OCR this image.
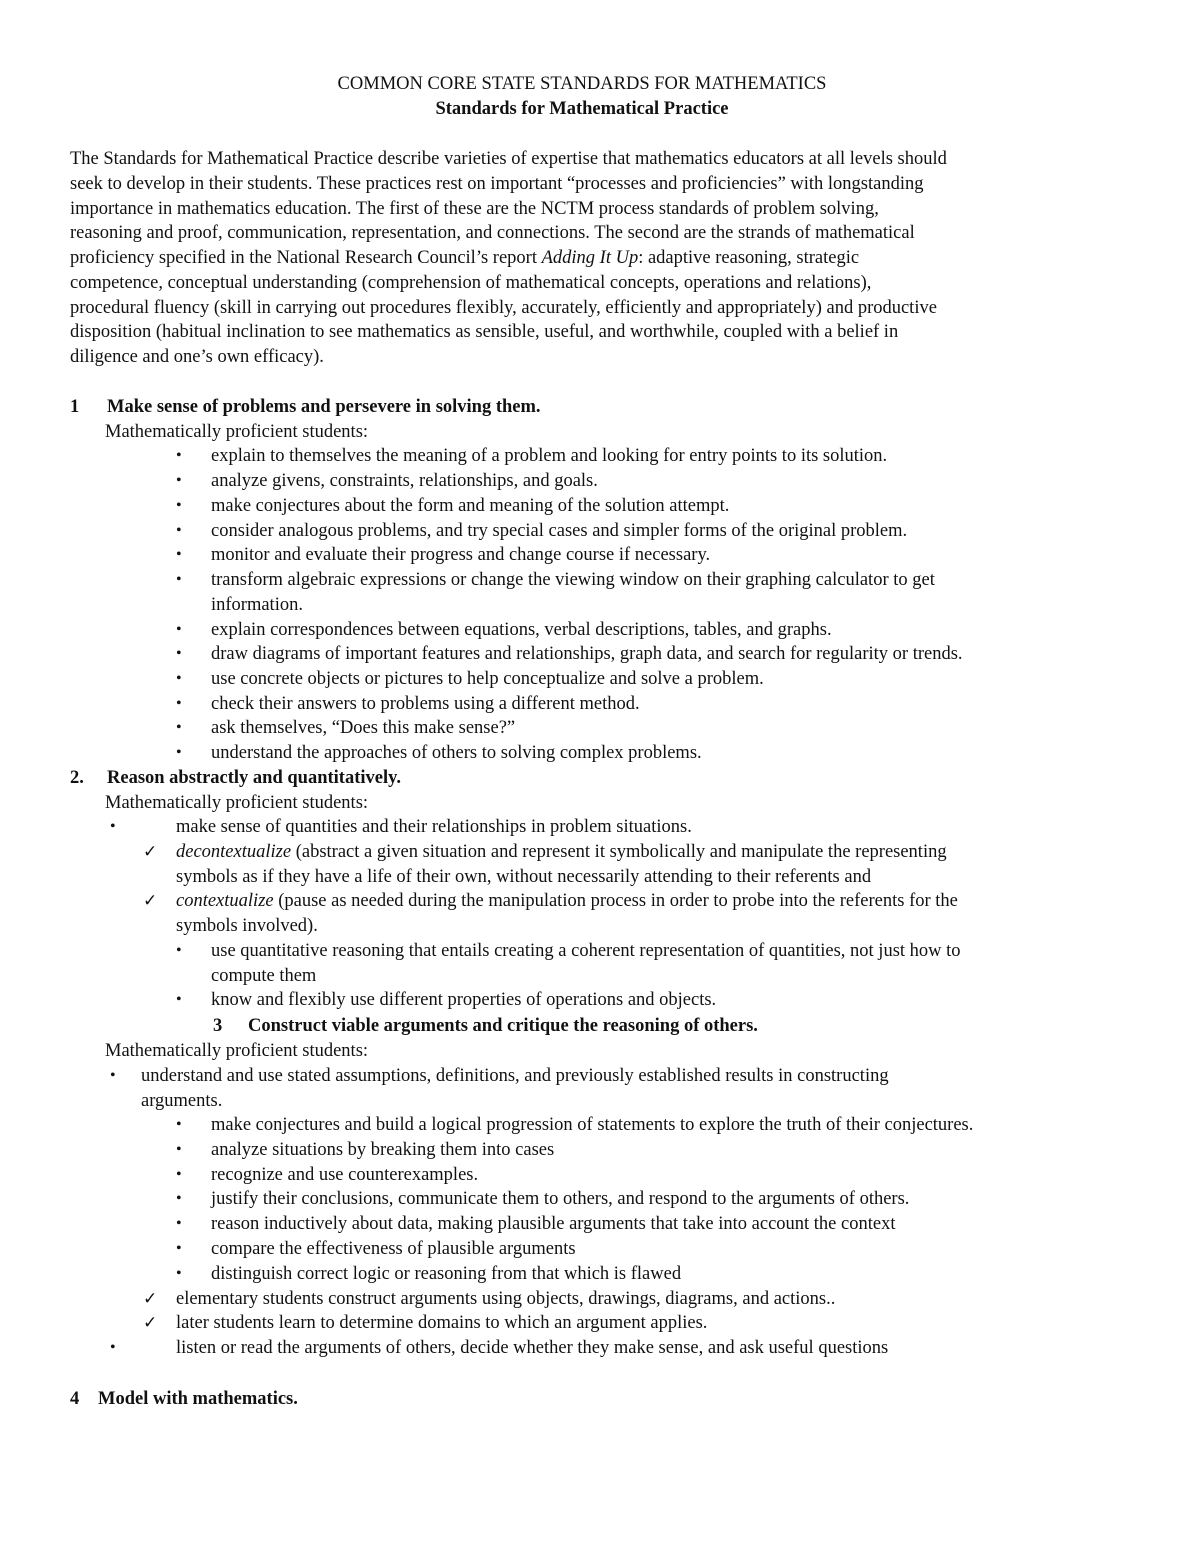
COMMON CORE STATE STANDARDS FOR MATHEMATICS
Standards for Mathematical Practice
The Standards for Mathematical Practice describe varieties of expertise that mathematics educators at all levels should
seek to develop in their students. These practices rest on important “processes and proficiencies” with longstanding
importance in mathematics education. The first of these are the NCTM process standards of problem solving,
reasoning and proof, communication, representation, and connections. The second are the strands of mathematical
proficiency specified in the National Research Council’s report Adding It Up: adaptive reasoning, strategic
competence, conceptual understanding (comprehension of mathematical concepts, operations and relations),
procedural fluency (skill in carrying out procedures flexibly, accurately, efficiently and appropriately) and productive
disposition (habitual inclination to see mathematics as sensible, useful, and worthwhile, coupled with a belief in
diligence and one’s own efficacy).
1 Make sense of problems and persevere in solving them.
Mathematically proficient students:
• explain to themselves the meaning of a problem and looking for entry points to its solution.
• analyze givens, constraints, relationships, and goals.
• make conjectures about the form and meaning of the solution attempt.
• consider analogous problems, and try special cases and simpler forms of the original problem.
• monitor and evaluate their progress and change course if necessary.
• transform algebraic expressions or change the viewing window on their graphing calculator to get
information.
• explain correspondences between equations, verbal descriptions, tables, and graphs.
• draw diagrams of important features and relationships, graph data, and search for regularity or trends.
• use concrete objects or pictures to help conceptualize and solve a problem.
• check their answers to problems using a different method.
• ask themselves, “Does this make sense?”
• understand the approaches of others to solving complex problems.
2. Reason abstractly and quantitatively.
Mathematically proficient students:
•	make sense of quantities and their relationships in problem situations.
✓ decontextualize (abstract a given situation and represent it symbolically and manipulate the representing
symbols as if they have a life of their own, without necessarily attending to their referents and
✓ contextualize (pause as needed during the manipulation process in order to probe into the referents for the
symbols involved).
• use quantitative reasoning that entails creating a coherent representation of quantities, not just how to
compute them
• know and flexibly use different properties of operations and objects.
3 Construct viable arguments and critique the reasoning of others.
Mathematically proficient students:
• understand and use stated assumptions, definitions, and previously established results in constructing
arguments.
• make conjectures and build a logical progression of statements to explore the truth of their conjectures.
• analyze situations by breaking them into cases
• recognize and use counterexamples.
• justify their conclusions, communicate them to others, and respond to the arguments of others.
• reason inductively about data, making plausible arguments that take into account the context
• compare the effectiveness of plausible arguments
• distinguish correct logic or reasoning from that which is flawed
✓ elementary students construct arguments using objects, drawings, diagrams, and actions..
✓ later students learn to determine domains to which an argument applies.
•	listen or read the arguments of others, decide whether they make sense, and ask useful questions
4 Model with mathematics.
